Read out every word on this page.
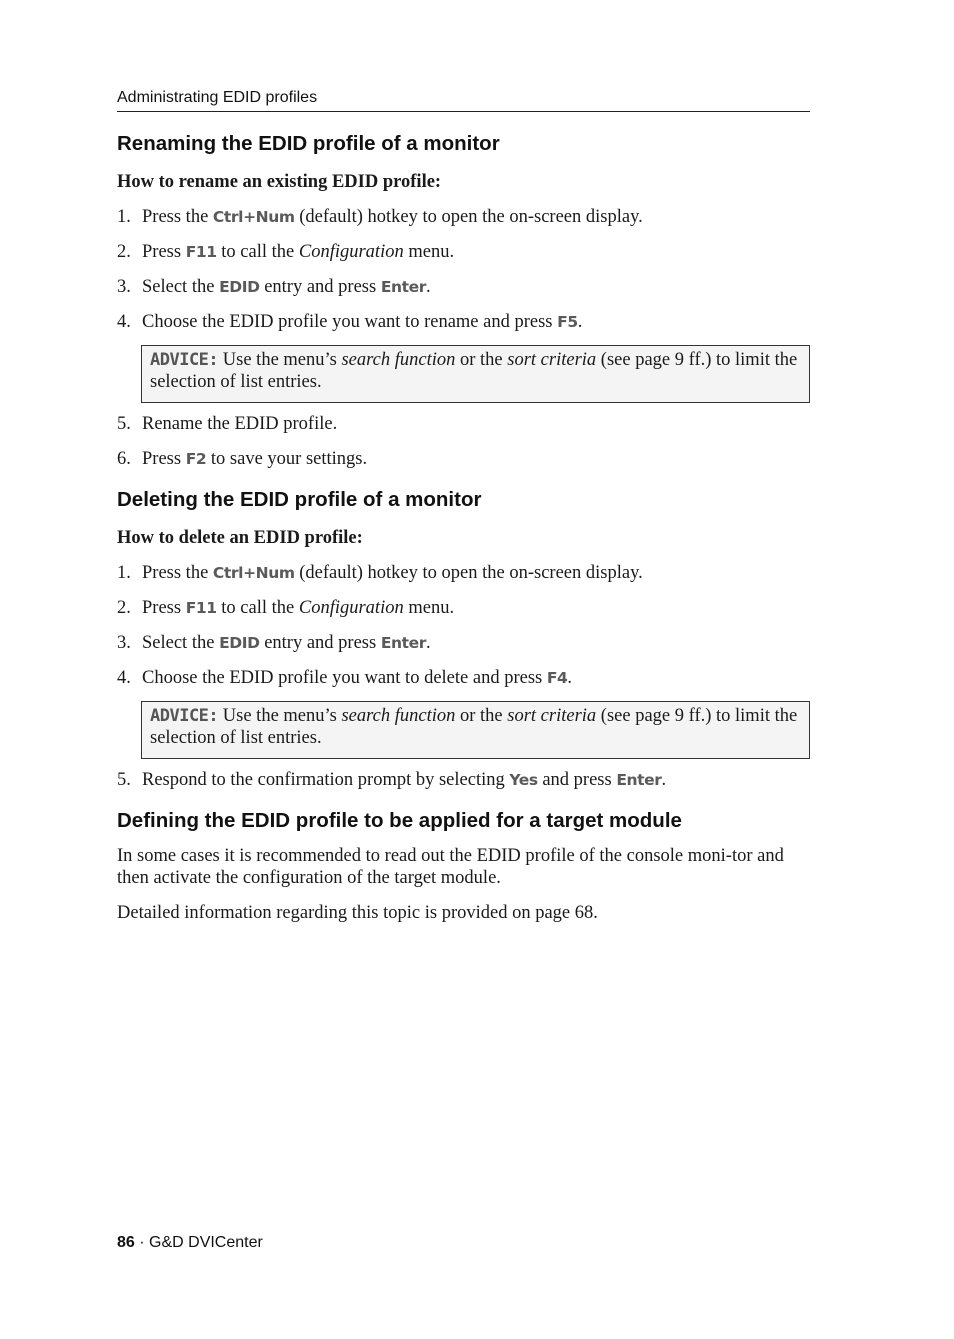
Administrating EDID profiles
Renaming the EDID profile of a monitor

How to rename an existing EDID profile:

1. Press the Ctrl+Num (default) hotkey to open the on-screen display.
2. Press F11 to call the Configuration menu.
3. Select the EDID entry and press Enter.
4. Choose the EDID profile you want to rename and press F5.
ADVICE: Use the menu’s search function or the sort criteria (see page 9 ff.) to limit the selection of list entries.
5. Rename the EDID profile.
6. Press F2 to save your settings.
Deleting the EDID profile of a monitor

How to delete an EDID profile:

1. Press the Ctrl+Num (default) hotkey to open the on-screen display.
2. Press F11 to call the Configuration menu.
3. Select the EDID entry and press Enter.
4. Choose the EDID profile you want to delete and press F4.
ADVICE: Use the menu’s search function or the sort criteria (see page 9 ff.) to limit the selection of list entries.
5. Respond to the confirmation prompt by selecting Yes and press Enter.
Defining the EDID profile to be applied for a target module

In some cases it is recommended to read out the EDID profile of the console moni-tor and then activate the configuration of the target module.

Detailed information regarding this topic is provided on page 68.

86 · G&D DVICenter
